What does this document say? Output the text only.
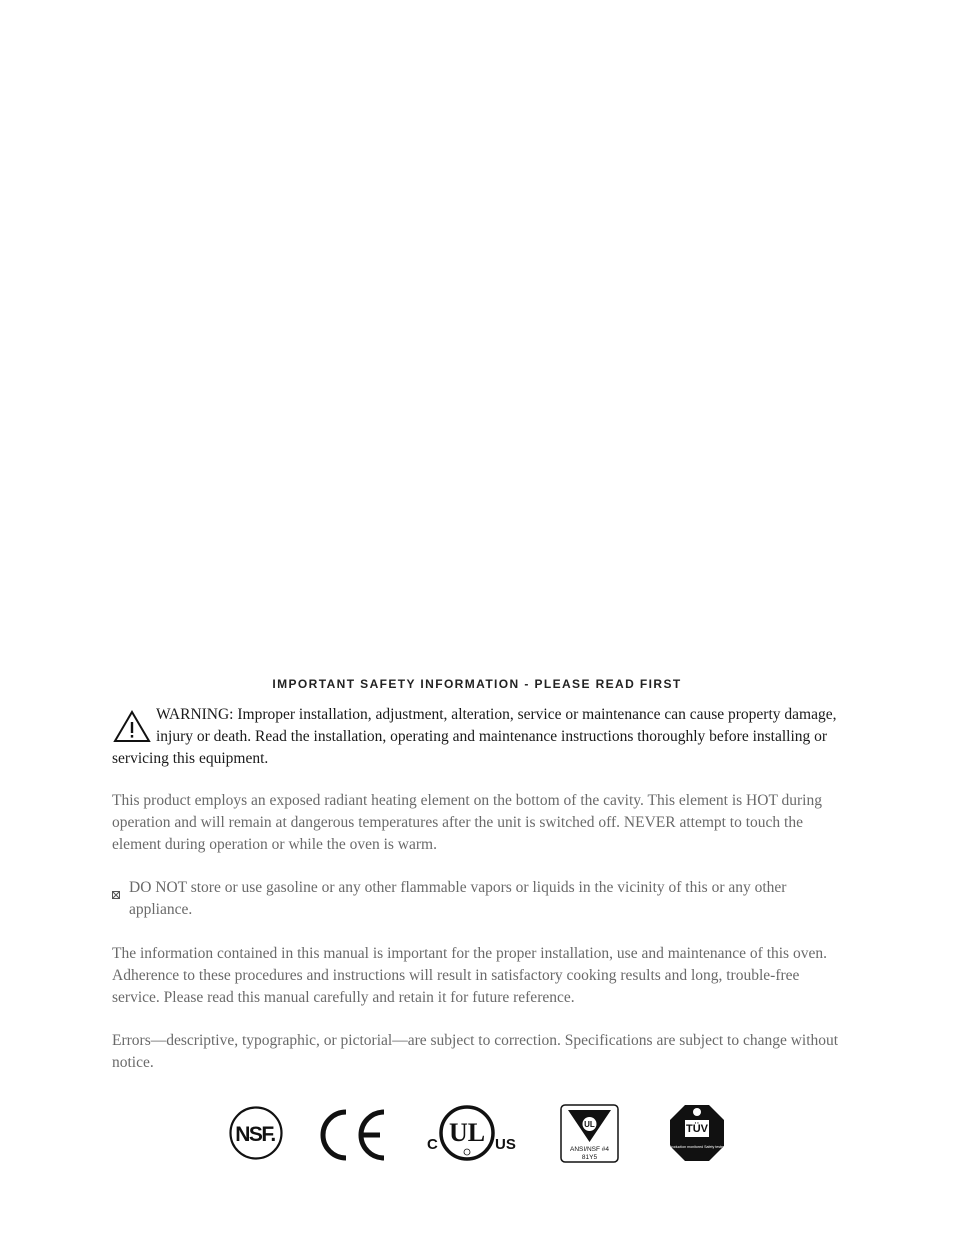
IMPORTANT SAFETY INFORMATION - PLEASE READ FIRST
WARNING: Improper installation, adjustment, alteration, service or maintenance can cause property damage, injury or death. Read the installation, operating and maintenance instructions thoroughly before installing or servicing this equipment.
This product employs an exposed radiant heating element on the bottom of the cavity. This element is HOT during operation and will remain at dangerous temperatures after the unit is switched off. NEVER attempt to touch the element during operation or while the oven is warm.
DO NOT store or use gasoline or any other flammable vapors or liquids in the vicinity of this or any other appliance.
The information contained in this manual is important for the proper installation, use and maintenance of this oven. Adherence to these procedures and instructions will result in satisfactory cooking results and long, trouble-free service. Please read this manual carefully and retain it for future reference.
Errors—descriptive, typographic, or pictorial—are subject to correction. Specifications are subject to change without notice.
NSF.
CE
C UL US
UL
ANSI/NSF #4
81Y5
TÜV
Production monitored Safety tested
